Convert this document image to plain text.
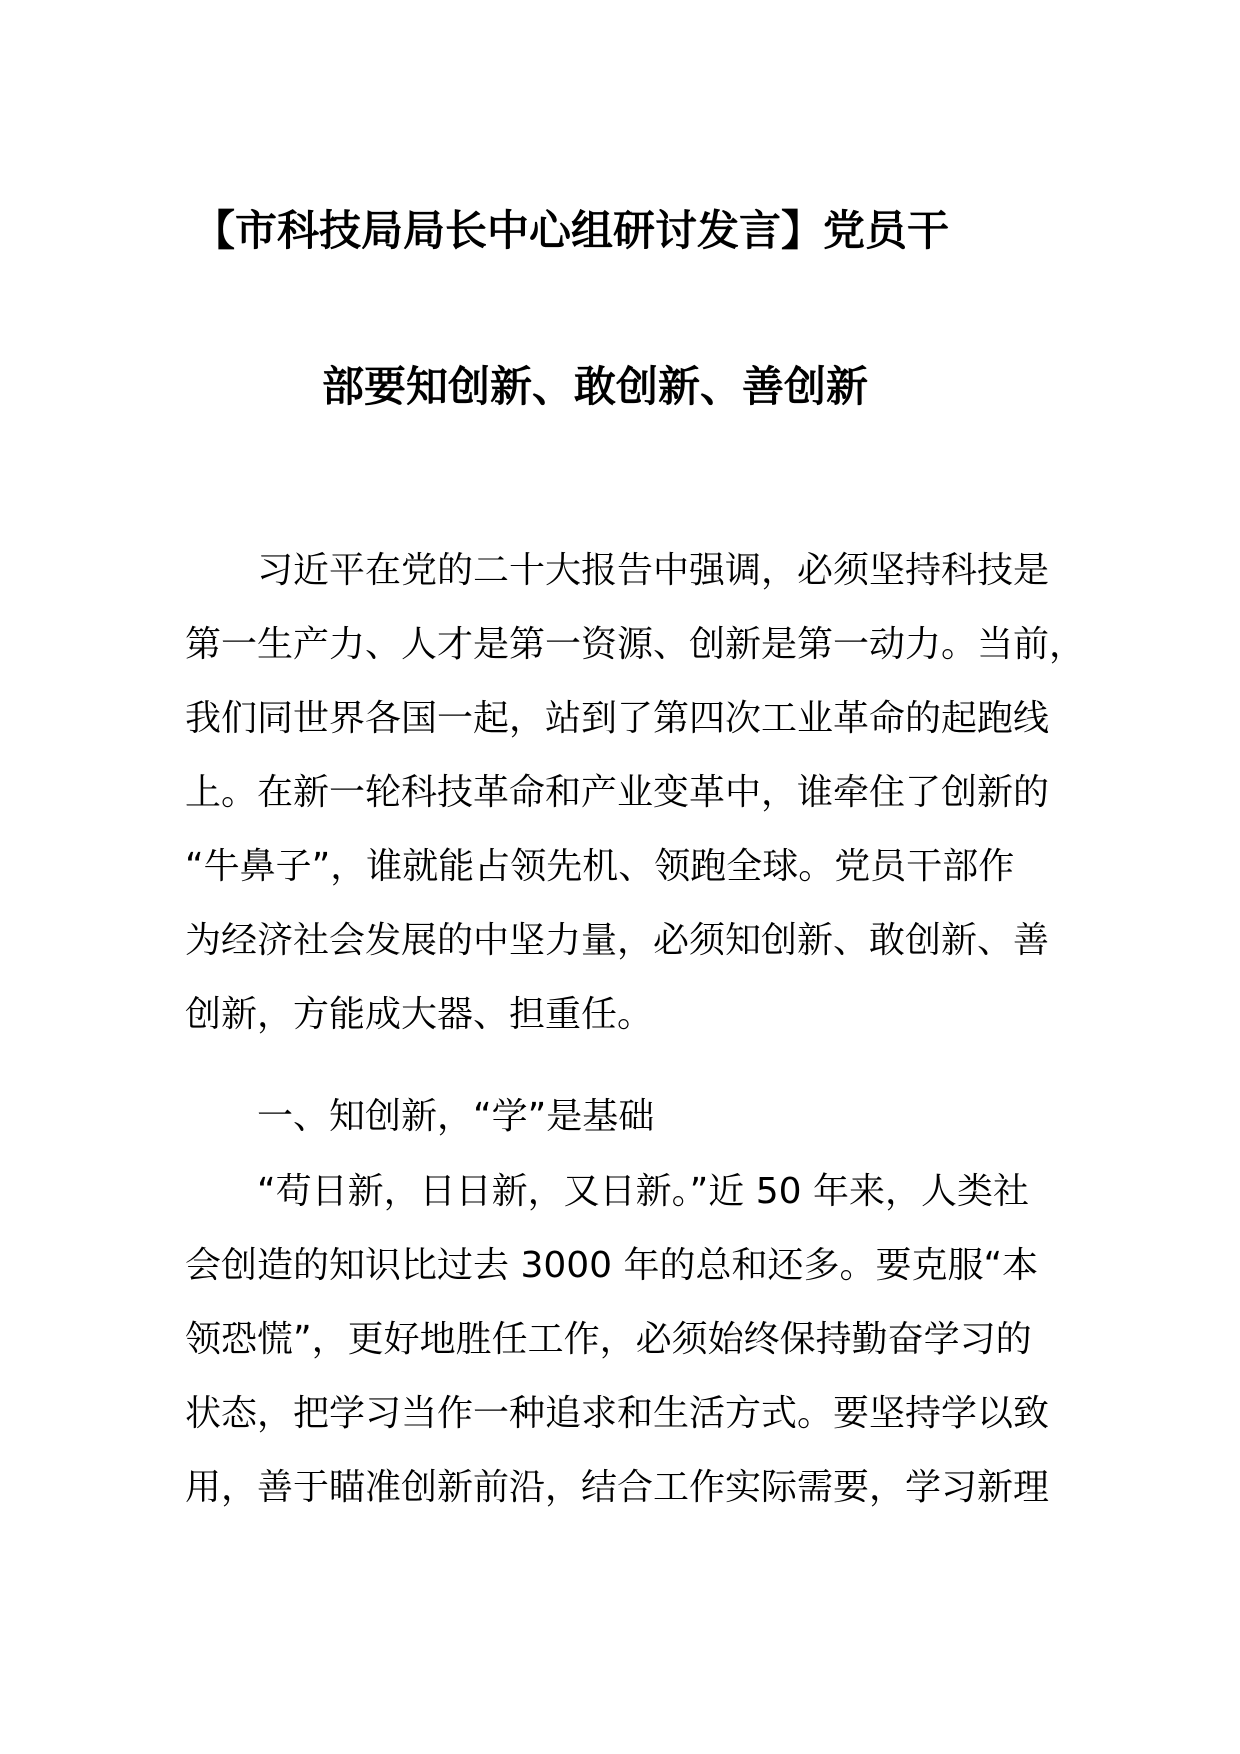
【市科技局局长中心组研讨发言】党员干
部要知创新、敢创新、善创新
习近平在党的二十大报告中强调，必须坚持科技是
第一生产力、人才是第一资源、创新是第一动力。当前，
我们同世界各国一起，站到了第四次工业革命的起跑线
上。在新一轮科技革命和产业变革中，谁牵住了创新的
“牛鼻子”，谁就能占领先机、领跑全球。党员干部作
为经济社会发展的中坚力量，必须知创新、敢创新、善
创新，方能成大器、担重任。
一、知创新，“学”是基础
“苟日新，日日新，又日新。”近 50 年来，人类社
会创造的知识比过去 3000 年的总和还多。要克服“本
领恐慌”，更好地胜任工作，必须始终保持勤奋学习的
状态，把学习当作一种追求和生活方式。要坚持学以致
用，善于瞄准创新前沿，结合工作实际需要，学习新理
